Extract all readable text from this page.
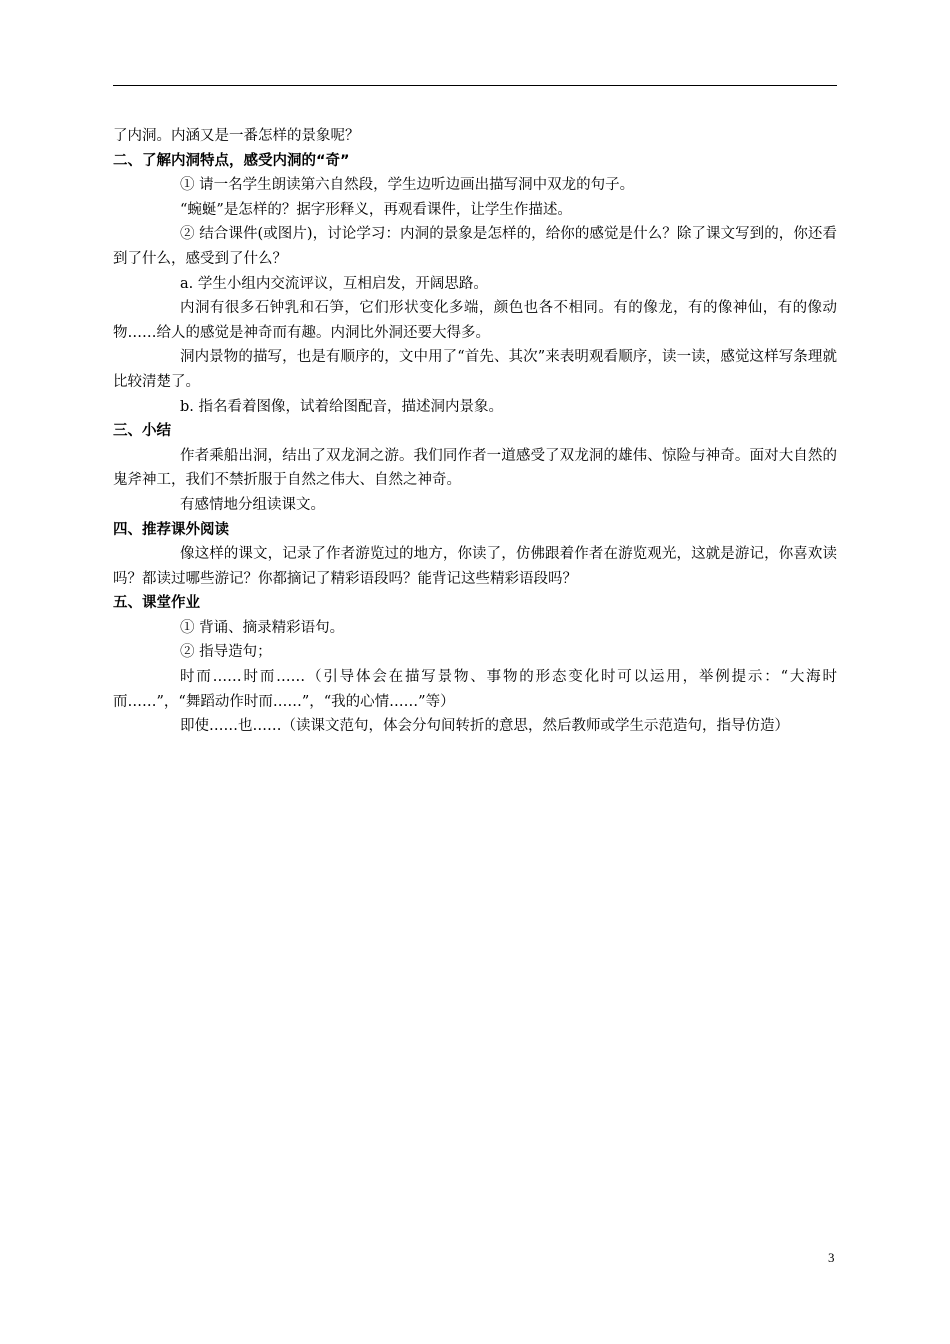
了内洞。内涵又是一番怎样的景象呢？

二、了解内洞特点，感受内洞的“奇”

① 请一名学生朗读第六自然段，学生边听边画出描写洞中双龙的句子。

“蜿蜒”是怎样的？据字形释义，再观看课件，让学生作描述。

② 结合课件(或图片)，讨论学习：内洞的景象是怎样的，给你的感觉是什么？除了课文写到的，你还看到了什么，感受到了什么？

a. 学生小组内交流评议，互相启发，开阔思路。

内洞有很多石钟乳和石笋，它们形状变化多端，颜色也各不相同。有的像龙，有的像神仙，有的像动物……给人的感觉是神奇而有趣。内洞比外洞还要大得多。

洞内景物的描写，也是有顺序的，文中用了“首先、其次”来表明观看顺序，读一读，感觉这样写条理就比较清楚了。

b. 指名看着图像，试着给图配音，描述洞内景象。

三、小结

作者乘船出洞，结出了双龙洞之游。我们同作者一道感受了双龙洞的雄伟、惊险与神奇。面对大自然的鬼斧神工，我们不禁折服于自然之伟大、自然之神奇。

有感情地分组读课文。

四、推荐课外阅读

像这样的课文，记录了作者游览过的地方，你读了，仿佛跟着作者在游览观光，这就是游记，你喜欢读吗？都读过哪些游记？你都摘记了精彩语段吗？能背记这些精彩语段吗？

五、课堂作业

① 背诵、摘录精彩语句。

② 指导造句；

时而……时而……（引导体会在描写景物、事物的形态变化时可以运用，举例提示：“大海时而……”，“舞蹈动作时而……”，“我的心情……”等）

即使……也……（读课文范句，体会分句间转折的意思，然后教师或学生示范造句，指导仿造）

3
